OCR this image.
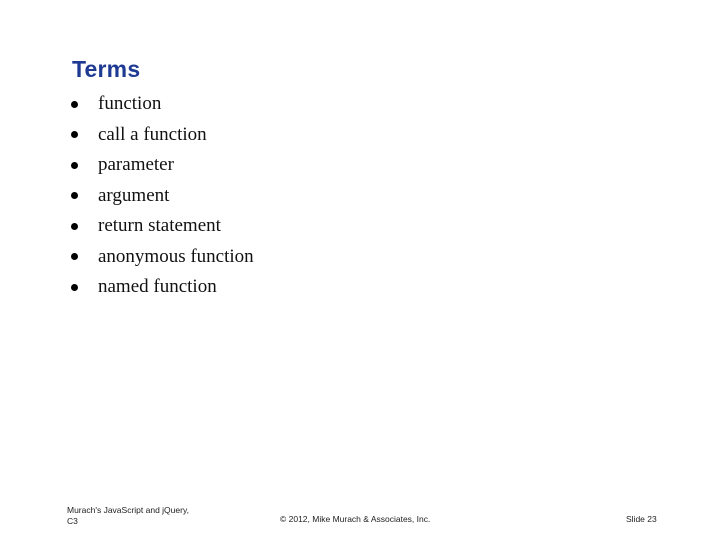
Terms
function
call a function
parameter
argument
return statement
anonymous function
named function
Murach's JavaScript and jQuery,
C3	© 2012, Mike Murach & Associates, Inc.	Slide 23
